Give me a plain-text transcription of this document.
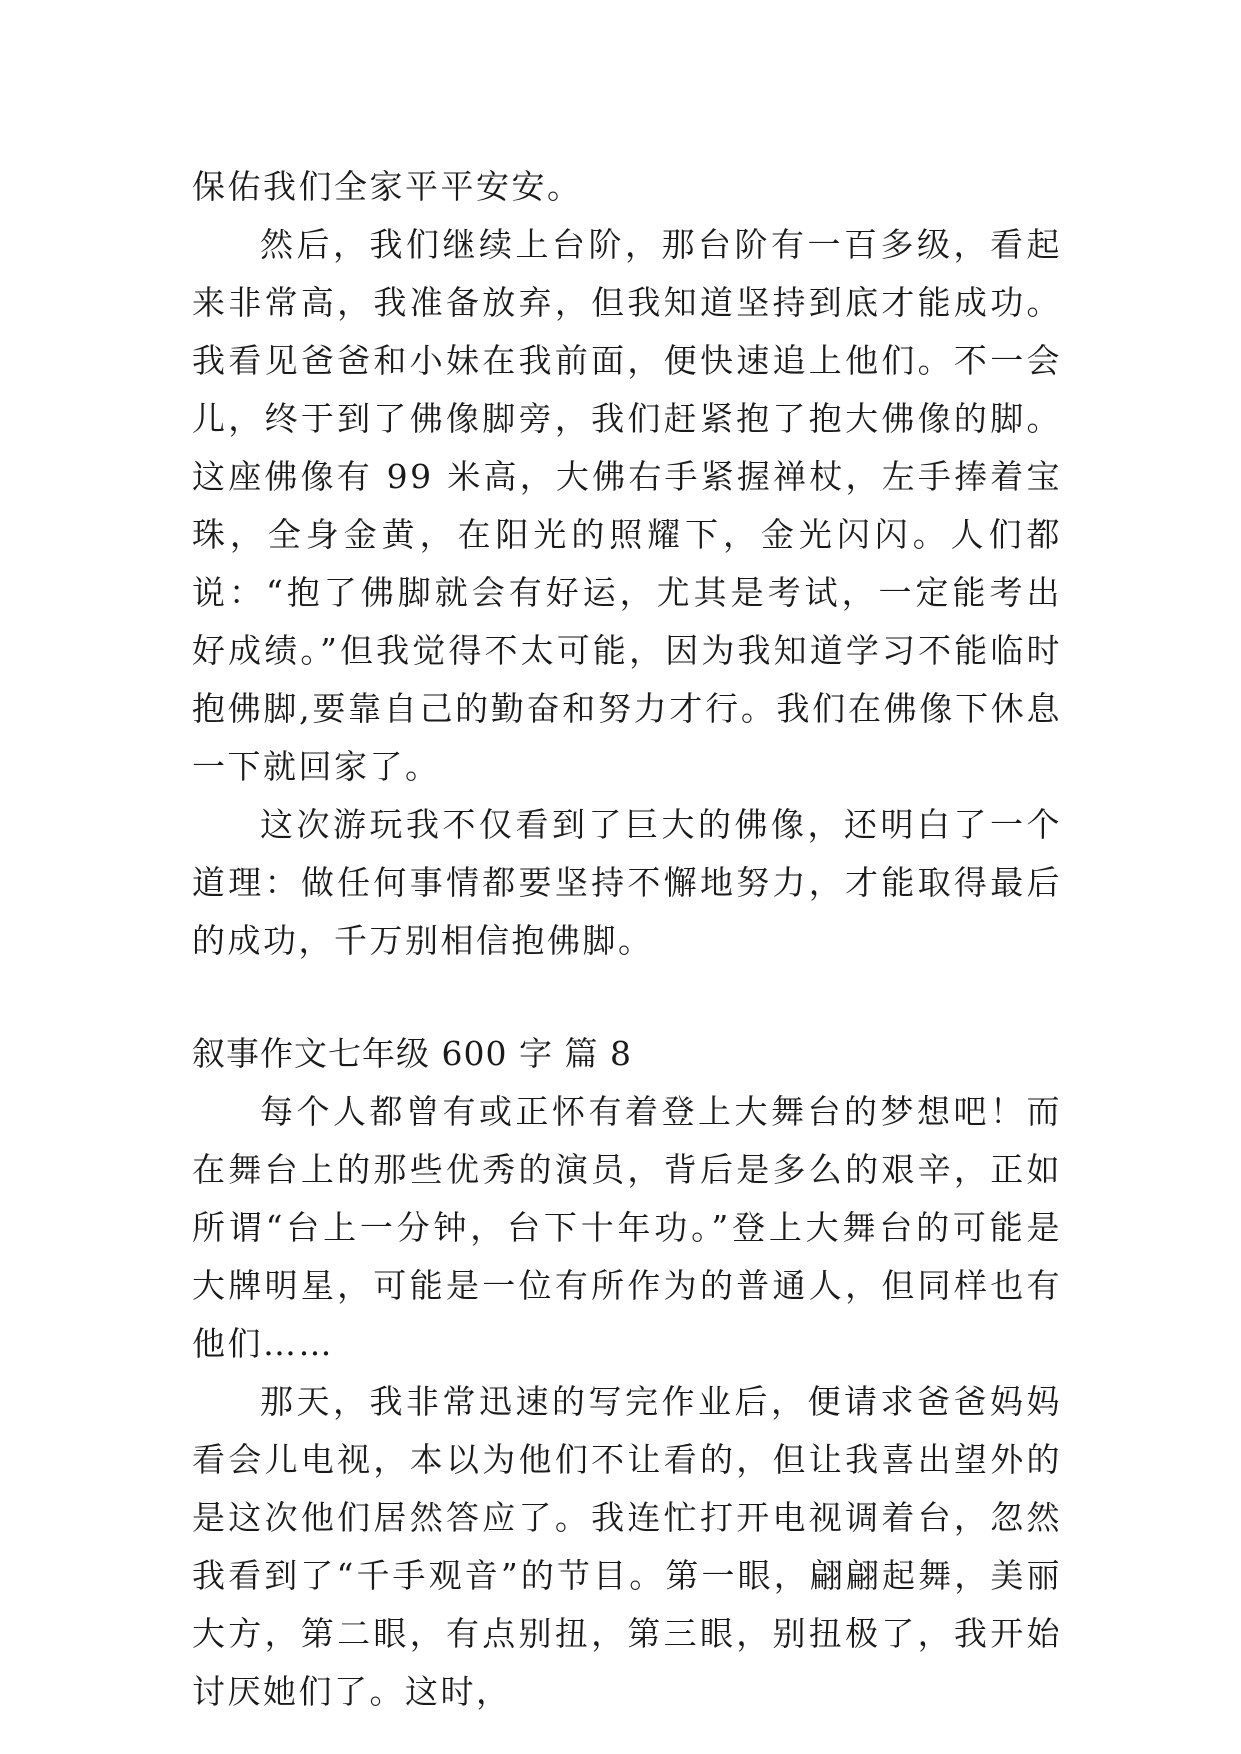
保佑我们全家平平安安。

然后，我们继续上台阶，那台阶有一百多级，看起来非常高，我准备放弃，但我知道坚持到底才能成功。我看见爸爸和小妹在我前面，便快速追上他们。不一会儿，终于到了佛像脚旁，我们赶紧抱了抱大佛像的脚。这座佛像有 99 米高，大佛右手紧握禅杖，左手捧着宝珠，全身金黄，在阳光的照耀下，金光闪闪。人们都说：“抱了佛脚就会有好运，尤其是考试，一定能考出好成绩。”但我觉得不太可能，因为我知道学习不能临时抱佛脚,要靠自己的勤奋和努力才行。我们在佛像下休息一下就回家了。

这次游玩我不仅看到了巨大的佛像，还明白了一个道理：做任何事情都要坚持不懈地努力，才能取得最后的成功，千万别相信抱佛脚。

叙事作文七年级 600 字 篇 8

每个人都曾有或正怀有着登上大舞台的梦想吧！而在舞台上的那些优秀的演员，背后是多么的艰辛，正如所谓“台上一分钟，台下十年功。”登上大舞台的可能是大牌明星，可能是一位有所作为的普通人，但同样也有他们……

那天，我非常迅速的写完作业后，便请求爸爸妈妈看会儿电视，本以为他们不让看的，但让我喜出望外的是这次他们居然答应了。我连忙打开电视调着台，忽然我看到了“千手观音”的节目。第一眼，翩翩起舞，美丽大方，第二眼，有点别扭，第三眼，别扭极了，我开始讨厌她们了。这时，
